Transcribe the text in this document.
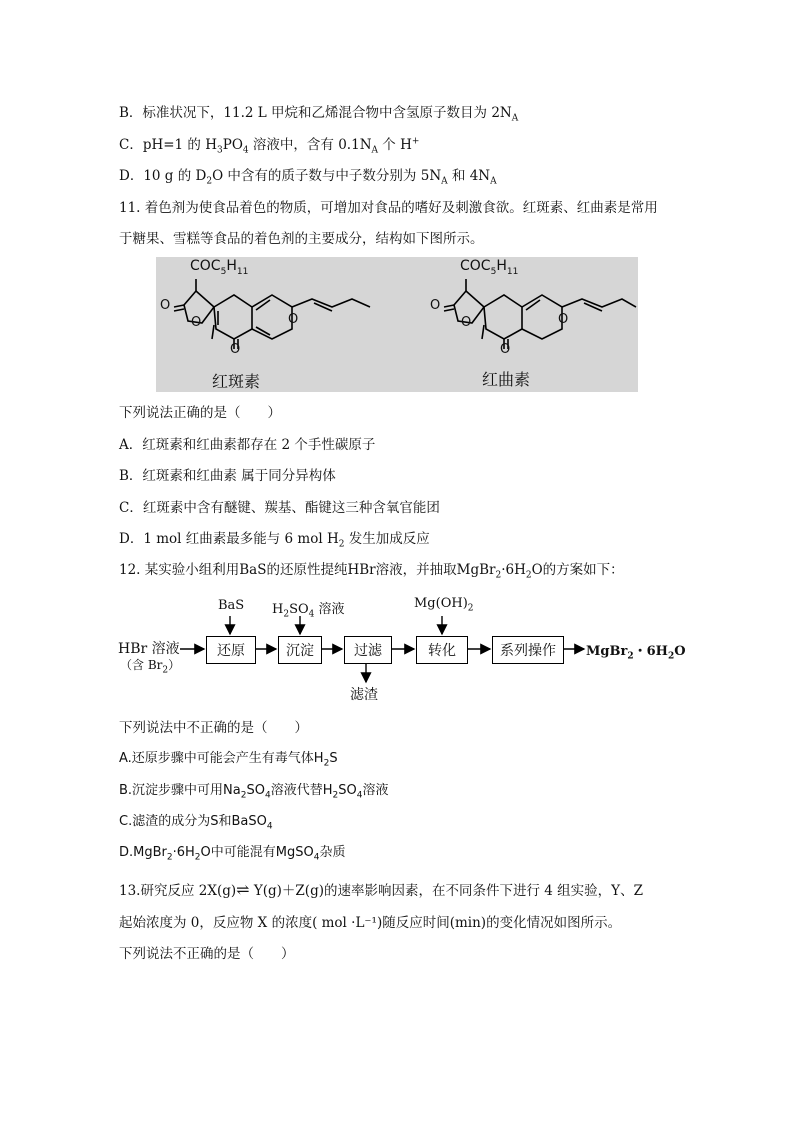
B．标准状况下，11.2 L 甲烷和乙烯混合物中含氢原子数目为 $2N_A$
C．pH=1 的 $H_3PO_4$ 溶液中，含有 $0.1N_A$ 个 H+
D．10 g 的 $D_2O$ 中含有的质子数与中子数分别为 $5N_A$ 和 $4N_A$
11. 着色剂为使食品着色的物质，可增加对食品的嗜好及刺激食欲。红斑素、红曲素是常用
于糖果、雪糕等食品的着色剂的主要成分，结构如下图所示。
$COC_5H_{11}$	$COC_5H_{11}$
O
O
O
O
O
O
O
O
红斑素	红曲素
下列说法正确的是（　　）
A．红斑素和红曲素都存在 2 个手性碳原子
B．红斑素和红曲素 属于同分异构体
C．红斑素中含有醚键、羰基、酯键这三种含氧官能团
D．1 mol 红曲素最多能与 6 mol $H_2$ 发生加成反应
12. 某实验小组利用BaS的还原性提纯HBr溶液，并抽取$MgBr_2\cdot 6H_2O$的方案如下：
HBr 溶液
（含 $Br_2$）
BaS $H_2SO_4$ 溶液	$Mg(OH)_2$
还原	沉淀	过滤	转化	系列操作
滤渣
MgBr$_2$・$6H_2O$
下列说法中不正确的是（　　）
A.还原步骤中可能会产生有毒气体$H_2S$
B.沉淀步骤中可用$Na_2SO_4$溶液代替$H_2SO_4$溶液
C.滤渣的成分为S和BaSO$_4$
$D.MgBr_2\cdot 6H_2O$中可能混有MgSO$_4$杂质
13.研究反应 2X(g)⇌ Y(g)＋Z(g)的速率影响因素，在不同条件下进行 4 组实验，Y、Z
起始浓度为 0，反应物 X 的浓度( mol ·L⁻¹)随反应时间(min)的变化情况如图所示。
下列说法不正确的是（　　）
